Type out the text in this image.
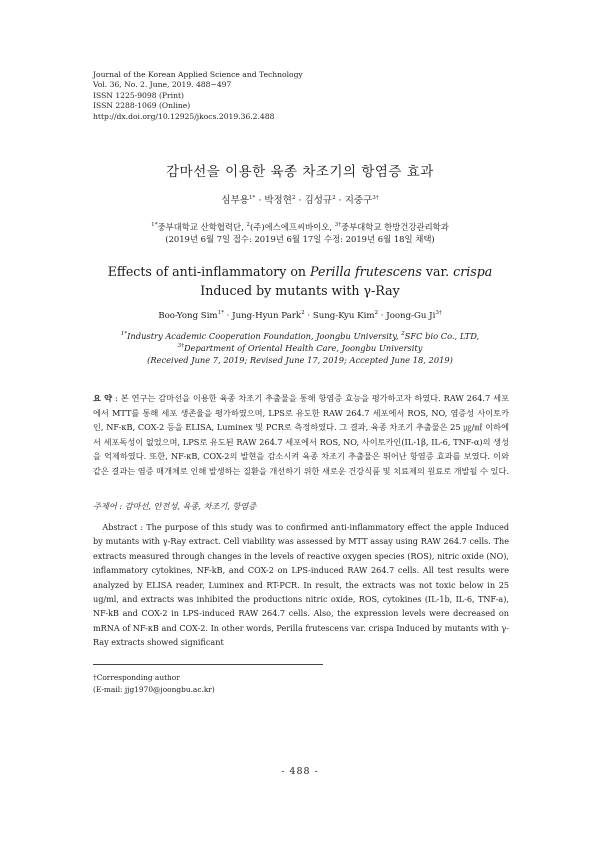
Journal of the Korean Applied Science and Technology
Vol. 36, No. 2. June, 2019. 488~497
ISSN 1225-9098 (Print)
ISSN 2288-1069 (Online)
http://dx.doi.org/10.12925/jkocs.2019.36.2.488
감마선을 이용한 육종 차조기의 항염증 효과
심부용$^{1*}$ · 박정현$^2$ · 김성규$^2$ · 지중구$^{3\dagger}$
$^{1*}$중부대학교 산학협력단, $^2$(주)에스에프씨바이오, $^{3\dagger}$중부대학교 한방건강관리학과
(2019년 6월 7일 접수: 2019년 6월 17일 수정: 2019년 6월 18일 채택)
Effects of anti-inflammatory on Perilla frutescens var. crispa
Induced by mutants with γ-Ray
Boo-Yong Sim$^{1*}$ · Jung-Hyun Park$^2$ · Sung-Kyu Kim$^2$ · Joong-Gu $Ji^{3\dagger}$
$^{1*}$Industry Academic Cooperation Foundation, Joongbu University, $^2$SFC bio Co., LTD,
$^{3\dagger}$Department of Oriental Health Care, Joongbu University
(Received June 7, 2019; Revised June 17, 2019; Accepted June 18, 2019)
요 약 : 본 연구는 감마선을 이용한 육종 차조기 추출물을 통해 항염증 효능을 평가하고자 하였다. RAW 264.7 세포에서 MTT를 통해 세포 생존율을 평가하였으며, LPS로 유도한 RAW 264.7 세포에서 ROS, NO, 염증성 사이토카인, NF-κB, COX-2 등을 ELISA, Luminex 및 PCR로 측정하였다. 그 결과, 육종 차조기 추출물은 25 ㎍/㎖ 이하에서 세포독성이 없었으며, LPS로 유도된 RAW 264.7 세포에서 ROS, NO, 사이토카인(IL-1β, IL-6, TNF-α)의 생성을 억제하였다. 또한, NF-κB, COX-2의 발현을 감소시켜 육종 차조기 추출물은 뛰어난 항염증 효과를 보였다. 이와 같은 결과는 염증 매개체로 인해 발생하는 질환을 개선하기 위한 새로운 건강식품 및 치료제의 원료로 개발될 수 있다.
주제어 : 감마선, 안전성, 육종, 차조기, 항염증
Abstract : The purpose of this study was to confirmed anti-inflammatory effect the apple Induced by mutants with γ-Ray extract. Cell viability was assessed by MTT assay using RAW 264.7 cells. The extracts measured through changes in the levels of reactive oxygen species (ROS), nitric oxide (NO), inflammatory cytokines, NF-kB, and COX-2 on LPS-induced RAW 264.7 cells. All test results were analyzed by ELISA reader, Luminex and RT-PCR. In result, the extracts was not toxic below in 25 ug/ml, and extracts was inhibited the productions nitric oxide, ROS, cytokines (IL-1b, IL-6, TNF-a), NF-kB and COX-2 in LPS-induced RAW 264.7 cells. Also, the expression levels were decreased on mRNA of NF-κB and COX-2. In other words, Perilla frutescens var. crispa Induced by mutants with γ-Ray extracts showed significant
†Corresponding author
(E-mail: jjg1970@joongbu.ac.kr)
- 488 -
